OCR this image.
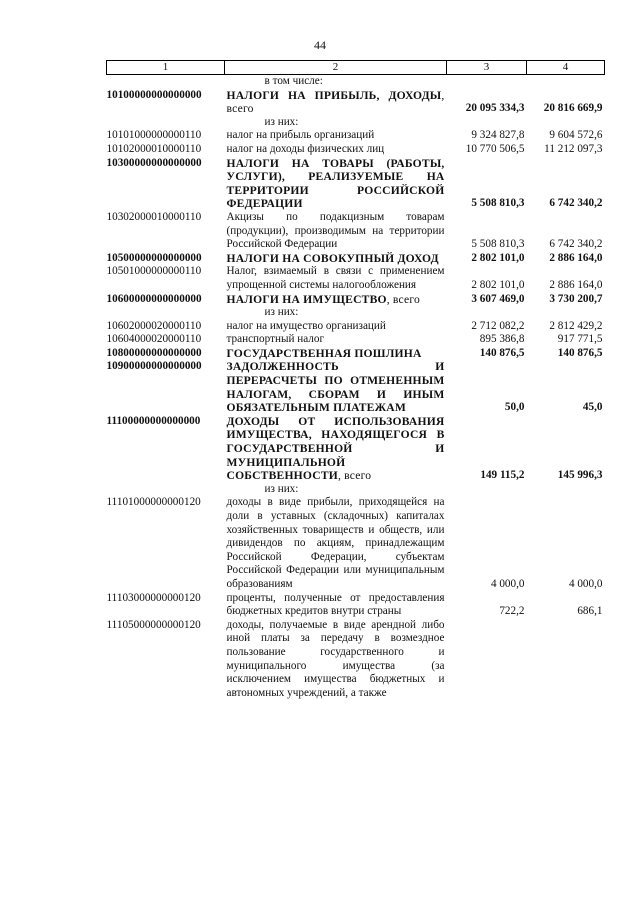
44
1	2	3	4
	в том числе:		
10100000000000000	НАЛОГИ НА ПРИБЫЛЬ, ДОХОДЫ, всего	20 095 334,3	20 816 669,9
	из них:		
10101000000000110	налог на прибыль организаций	9 324 827,8	9 604 572,6
10102000010000110	налог на доходы физических лиц	10 770 506,5	11 212 097,3
10300000000000000	НАЛОГИ НА ТОВАРЫ (РАБОТЫ, УСЛУГИ), РЕАЛИЗУЕМЫЕ НА ТЕРРИТОРИИ РОССИЙСКОЙ ФЕДЕРАЦИИ	5 508 810,3	6 742 340,2
10302000010000110	Акцизы по подакцизным товарам (продукции), производимым на территории Российской Федерации	5 508 810,3	6 742 340,2
10500000000000000	НАЛОГИ НА СОВОКУПНЫЙ ДОХОД	2 802 101,0	2 886 164,0
10501000000000110	Налог, взимаемый в связи с применением упрощенной системы налогообложения	2 802 101,0	2 886 164,0
10600000000000000	НАЛОГИ НА ИМУЩЕСТВО, всего	3 607 469,0	3 730 200,7
	из них:		
10602000020000110	налог на имущество организаций	2 712 082,2	2 812 429,2
10604000020000110	транспортный налог	895 386,8	917 771,5
10800000000000000	ГОСУДАРСТВЕННАЯ ПОШЛИНА	140 876,5	140 876,5
10900000000000000	ЗАДОЛЖЕННОСТЬ И ПЕРЕРАСЧЕТЫ ПО ОТМЕНЕННЫМ НАЛОГАМ, СБОРАМ И ИНЫМ ОБЯЗАТЕЛЬНЫМ ПЛАТЕЖАМ	50,0	45,0
11100000000000000	ДОХОДЫ ОТ ИСПОЛЬЗОВАНИЯ ИМУЩЕСТВА, НАХОДЯЩЕГОСЯ В ГОСУДАРСТВЕННОЙ И МУНИЦИПАЛЬНОЙ СОБСТВЕННОСТИ, всего	149 115,2	145 996,3
	из них:		
11101000000000120	доходы в виде прибыли, приходящейся на доли в уставных (складочных) капиталах хозяйственных товариществ и обществ, или дивидендов по акциям, принадлежащим Российской Федерации, субъектам Российской Федерации или муниципальным образованиям	4 000,0	4 000,0
11103000000000120	проценты, полученные от предоставления бюджетных кредитов внутри страны	722,2	686,1
11105000000000120	доходы, получаемые в виде арендной либо иной платы за передачу в возмездное пользование государственного и муниципального имущества (за исключением имущества бюджетных и автономных учреждений, а также		
